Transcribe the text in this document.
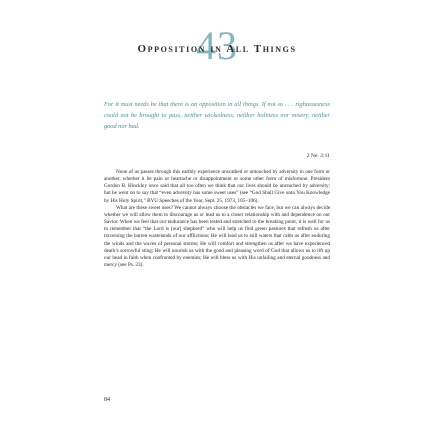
43
Opposition in All Things
For it must needs be that there is an opposition in all things. If not so . . . righteousness could not be brought to pass, neither wickedness, neither holiness nor misery, neither good nor bad.
2 Ne. 2:11

None of us passes through this earthly experience unscathed or untouched by adversity in one form or another, whether it be pain or heartache or disappointment or some other form of misfortune. President Gordon B. Hinckley once said that all too often we think that our lives should be unreached by adversity; but he went on to say that “even adversity has some sweet uses” (see “God Shall Give unto You Knowledge by His Holy Spirit,” BYU Speeches of the Year, Sept. 25, 1973, 105–106).

What are these sweet uses? We cannot always choose the obstacles we face, but we can always decide whether we will allow them to discourage us or lead us to a closer relationship with and dependence on our Savior. When we feel that our endurance has been tested and stretched to the breaking point, it is well for us to remember that “the Lord is [our] shepherd” who will help us find green pastures that refresh us after traversing the barren wastelands of our afflictions; He will lead us to still waters that calm us after enduring the winds and the waves of personal storms; He will comfort and strengthen us after we have experienced death’s sorrowful sting; He will nourish us with the good and pleasing word of God that allows us to lift up our head in faith when confronted by enemies; He will bless us with His unfailing and eternal goodness and mercy (see Ps. 23).

84
